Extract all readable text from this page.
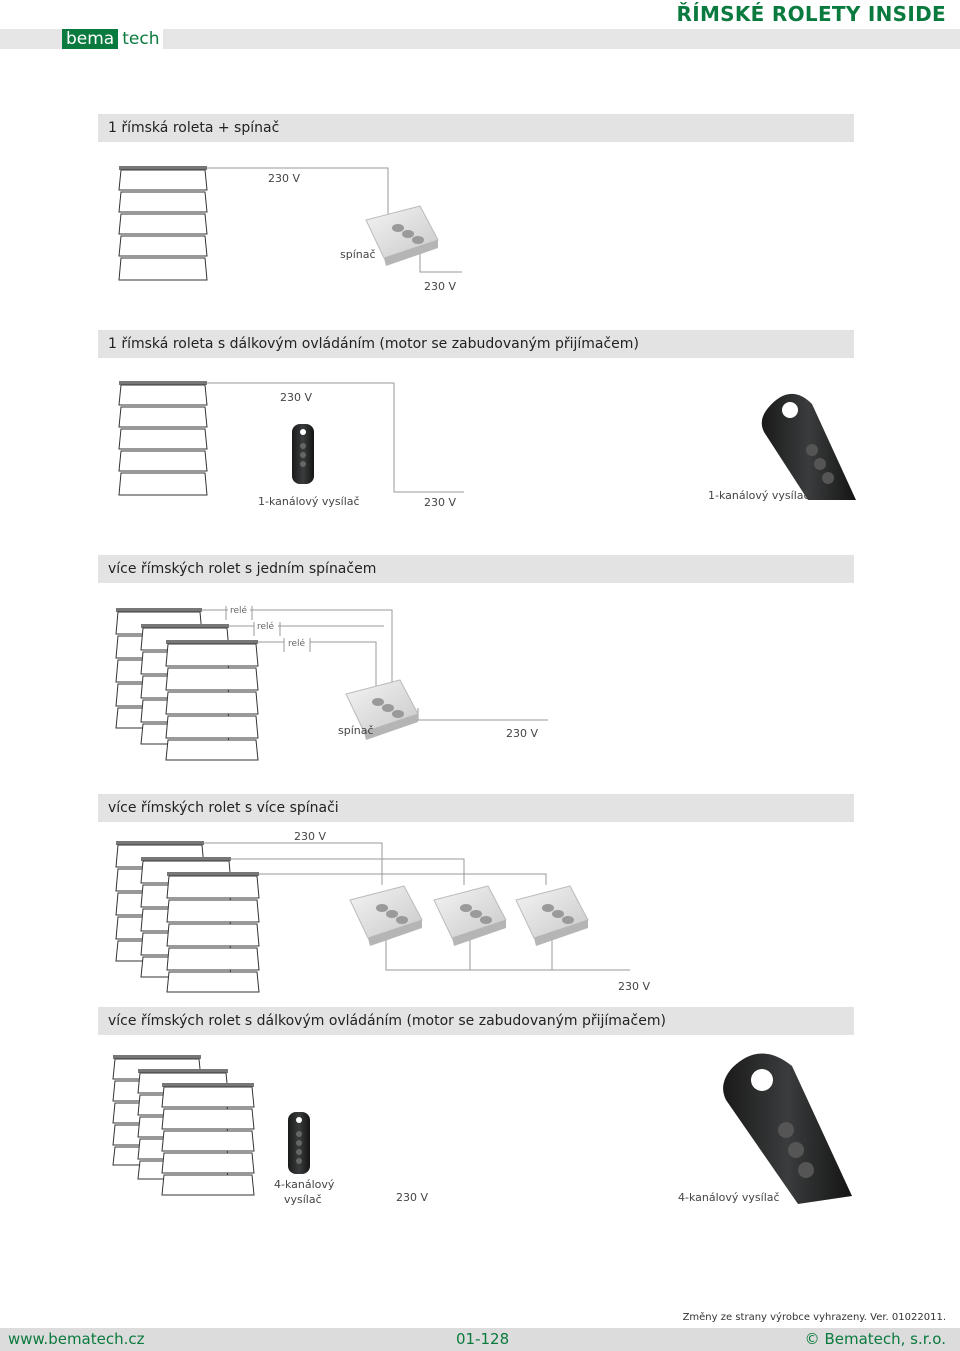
bema tech
ŘÍMSKÉ ROLETY INSIDE
1 římská roleta + spínač
1 římská roleta s dálkovým ovládáním (motor se zabudovaným přijímačem)
více římských rolet s jedním spínačem
více římských rolet s více spínači
více římských rolet s dálkovým ovládáním (motor se zabudovaným přijímačem)
230 V
spínač
230 V
230 V
1-kanálový vysílač	230 V
1-kanálový vysílač
relé
relé
relé
spínač	230 V
230 V
230 V
4-kanálový
vysílač	230 V	4-kanálový vysílač
Změny ze strany výrobce vyhrazeny. Ver. 01022011.
www.bematech.cz	01-128	© Bematech, s.r.o.
